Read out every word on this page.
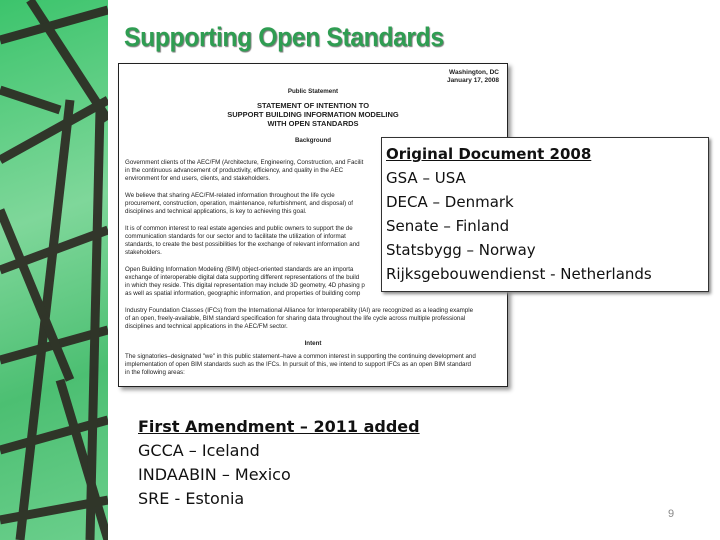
Supporting Open Standards
Washington, DC
January 17, 2008
Public Statement
STATEMENT OF INTENTION TO
SUPPORT BUILDING INFORMATION MODELING
WITH OPEN STANDARDS
Background

Government clients of the AEC/FM (Architecture, Engineering, Construction, and Facilit
in the continuous advancement of productivity, efficiency, and quality in the AEC
environment for end users, clients, and stakeholders.

We believe that sharing AEC/FM-related information throughout the life cycle
procurement, construction, operation, maintenance, refurbishment, and disposal) of
disciplines and technical applications, is key to achieving this goal.

It is of common interest to real estate agencies and public owners to support the de
communication standards for our sector and to facilitate the utilization of informat
standards, to create the best possibilities for the exchange of relevant information and
stakeholders.

Open Building Information Modeling (BIM) object-oriented standards are an importa
exchange of interoperable digital data supporting different representations of the build
in which they reside. This digital representation may include 3D geometry, 4D phasing p
as well as spatial information, geographic information, and properties of building comp

Industry Foundation Classes (IFCs) from the International Alliance for Interoperability (IAI) are recognized as a leading example
of an open, freely-available, BIM standard specification for sharing data throughout the life cycle across multiple professional
disciplines and technical applications in the AEC/FM sector.

Intent

The signatories–designated "we" in this public statement–have a common interest in supporting the continuing development and
implementation of open BIM standards such as the IFCs. In pursuit of this, we intend to support IFCs as an open BIM standard
in the following areas:

Original Document 2008
GSA – USA
DECA – Denmark
Senate – Finland
Statsbygg – Norway
Rijksgebouwendienst - Netherlands
First Amendment – 2011 added
GCCA – Iceland
INDAABIN – Mexico
SRE - Estonia
9
